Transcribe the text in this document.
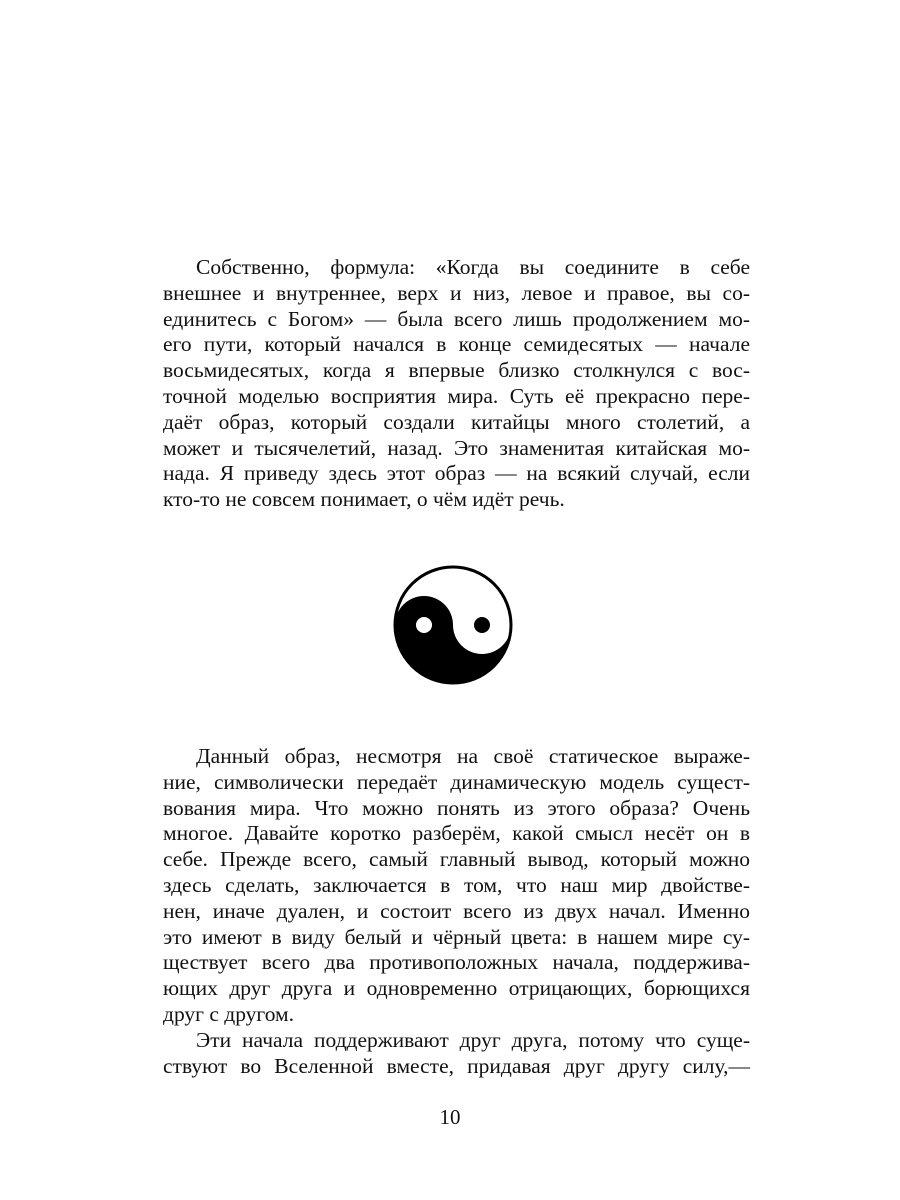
Собственно, формула: «Когда вы соедините в себе
внешнее и внутреннее, верх и низ, левое и правое, вы со-
единитесь с Богом» — была всего лишь продолжением мо-
его пути, который начался в конце семидесятых — начале
восьмидесятых, когда я впервые близко столкнулся с вос-
точной моделью восприятия мира. Суть её прекрасно пере-
даёт образ, который создали китайцы много столетий, а
может и тысячелетий, назад. Это знаменитая китайская мо-
нада. Я приведу здесь этот образ — на всякий случай, если
кто-то не совсем понимает, о чём идёт речь.
Данный образ, несмотря на своё статическое выраже-
ние, символически передаёт динамическую модель сущест-
вования мира. Что можно понять из этого образа? Очень
многое. Давайте коротко разберём, какой смысл несёт он в
себе. Прежде всего, самый главный вывод, который можно
здесь сделать, заключается в том, что наш мир двойстве-
нен, иначе дуален, и состоит всего из двух начал. Именно
это имеют в виду белый и чёрный цвета: в нашем мире су-
ществует всего два противоположных начала, поддержива-
ющих друг друга и одновременно отрицающих, борющихся
друг с другом.
Эти начала поддерживают друг друга, потому что суще-
ствуют во Вселенной вместе, придавая друг другу силу,—
10
